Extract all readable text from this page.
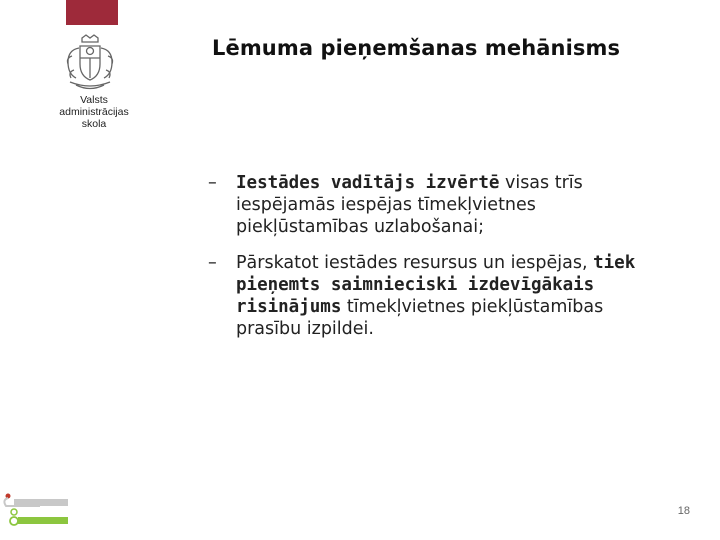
Valsts administrācijas
skola
Lēmuma pieņemšanas mehānisms
– Iestādes vadītājs izvērtē visas trīs iespējamās iespējas tīmekļvietnes piekļūstamības uzlabošanai;
– Pārskatot iestādes resursus un iespējas, tiek pieņemts saimnieciski izdevīgākais risinājums tīmekļvietnes piekļūstamības prasību izpildei.
18
